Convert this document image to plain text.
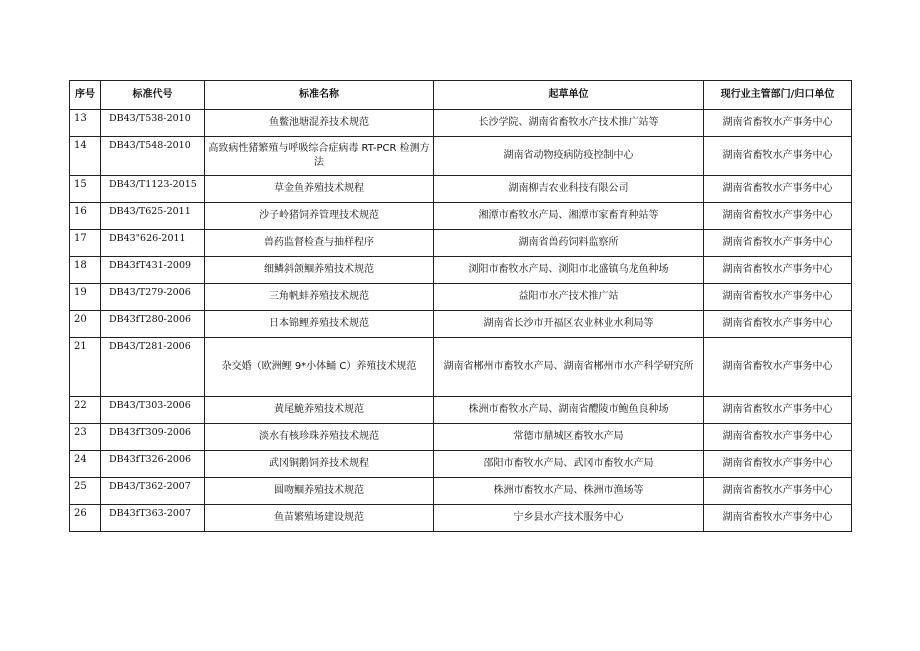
序号	标准代号	标准名称	起草单位	现行业主管部门/归口单位
13	DB43/T538-2010	鱼鳖池塘混养技术规范	长沙学院、湖南省畜牧水产技术推广站等	湖南省畜牧水产事务中心
14	DB43/T548-2010	高致病性猪繁殖与呼吸综合症病毒 RT-PCR 检测方法	湖南省动物疫病防疫控制中心	湖南省畜牧水产事务中心
15	DB43/T1123-2015	草金鱼养殖技术规程	湖南柳吉农业科技有限公司	湖南省畜牧水产事务中心
16	DB43/T625-2011	沙子岭猪饲养管理技术规范	湘潭市畜牧水产局、湘潭市家畜育种站等	湖南省畜牧水产事务中心
17	DB43"626-2011	兽药监督检查与抽样程序	湖南省兽药饲料监察所	湖南省畜牧水产事务中心
18	DB43fT431-2009	细鳞斜颌鲴养殖技术规范	浏阳市畜牧水产局、浏阳市北盛镇乌龙鱼种场	湖南省畜牧水产事务中心
19	DB43/T279-2006	三角帆蚌养殖技术规范	益阳市水产技术推广站	湖南省畜牧水产事务中心
20	DB43fT280-2006	日本锦鲤养殖技术规范	湖南省长沙市开福区农业林业水利局等	湖南省畜牧水产事务中心
21	DB43/T281-2006	杂交婚（欧洲鲤 9*小体鲬 C）养殖技术规范	湖南省郴州市畜牧水产局、湖南省郴州市水产科学研究所	湖南省畜牧水产事务中心
22	DB43/T303-2006	黄尾鮠养殖技术规范	株洲市畜牧水产局、湖南省醴陵市鲍鱼良种场	湖南省畜牧水产事务中心
23	DB43fT309-2006	淡水有核珍珠养殖技术规范	常德市鼎城区畜牧水产局	湖南省畜牧水产事务中心
24	DB43fT326-2006	武冈铜鹅饲养技术规程	邵阳市畜牧水产局、武冈市畜牧水产局	湖南省畜牧水产事务中心
25	DB43/T362-2007	圆吻鲴养殖技术规范	株洲市畜牧水产局、株洲市渔场等	湖南省畜牧水产事务中心
26	DB43fT363-2007	鱼苗繁殖场建设规范	宁乡县水产技术服务中心	湖南省畜牧水产事务中心
